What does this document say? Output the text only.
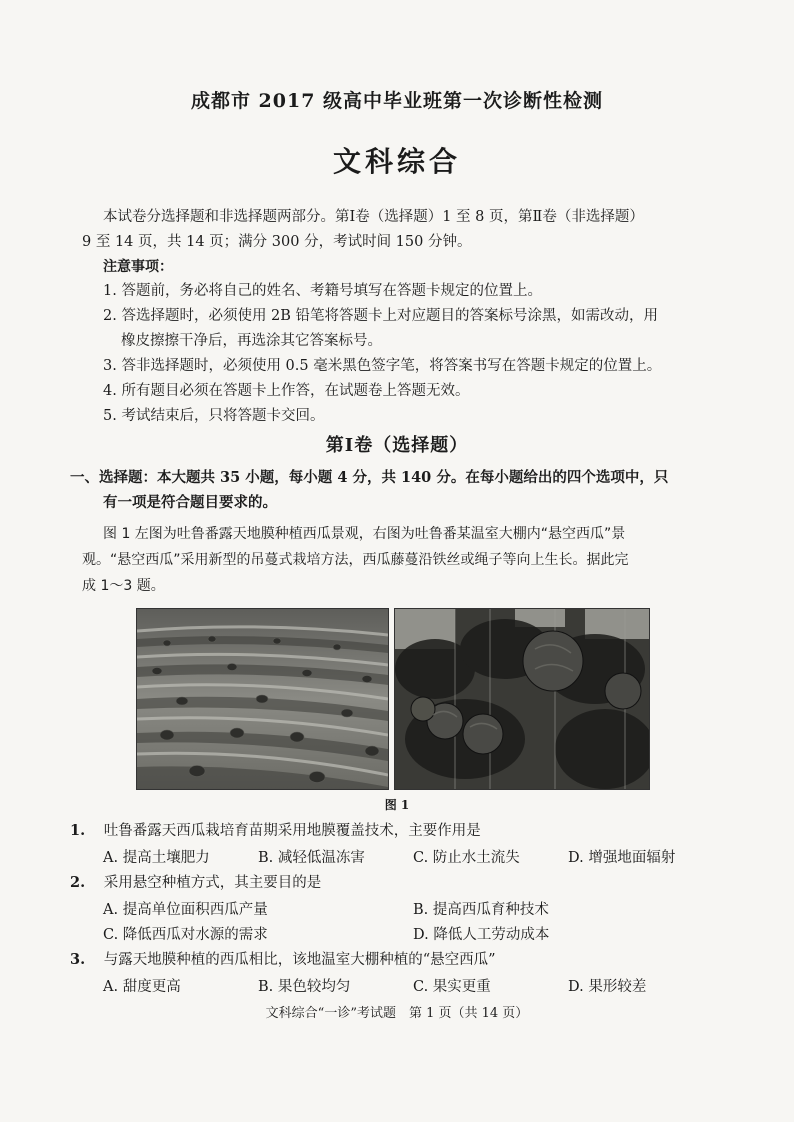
成都市 2017 级高中毕业班第一次诊断性检测
文科综合
本试卷分选择题和非选择题两部分。第Ⅰ卷（选择题）1 至 8 页，第Ⅱ卷（非选择题）
9 至 14 页，共 14 页；满分 300 分，考试时间 150 分钟。
注意事项：
1. 答题前，务必将自己的姓名、考籍号填写在答题卡规定的位置上。
2. 答选择题时，必须使用 2B 铅笔将答题卡上对应题目的答案标号涂黑，如需改动，用
橡皮擦擦干净后，再选涂其它答案标号。
3. 答非选择题时，必须使用 0.5 毫米黑色签字笔，将答案书写在答题卡规定的位置上。
4. 所有题目必须在答题卡上作答，在试题卷上答题无效。
5. 考试结束后，只将答题卡交回。
第Ⅰ卷（选择题）
一、选择题：本大题共 35 小题，每小题 4 分，共 140 分。在每小题给出的四个选项中，只
有一项是符合题目要求的。
图 1 左图为吐鲁番露天地膜种植西瓜景观，右图为吐鲁番某温室大棚内“悬空西瓜”景
观。“悬空西瓜”采用新型的吊蔓式栽培方法，西瓜藤蔓沿铁丝或绳子等向上生长。据此完
成 1～3 题。
图 1
1. 吐鲁番露天西瓜栽培育苗期采用地膜覆盖技术，主要作用是
A. 提高土壤肥力	B. 减轻低温冻害	C. 防止水土流失	D. 增强地面辐射
2. 采用悬空种植方式，其主要目的是
A. 提高单位面积西瓜产量	B. 提高西瓜育种技术
C. 降低西瓜对水源的需求	D. 降低人工劳动成本
3. 与露天地膜种植的西瓜相比，该地温室大棚种植的“悬空西瓜”
A. 甜度更高	B. 果色较均匀	C. 果实更重	D. 果形较差
文科综合“一诊”考试题　第 1 页（共 14 页）
